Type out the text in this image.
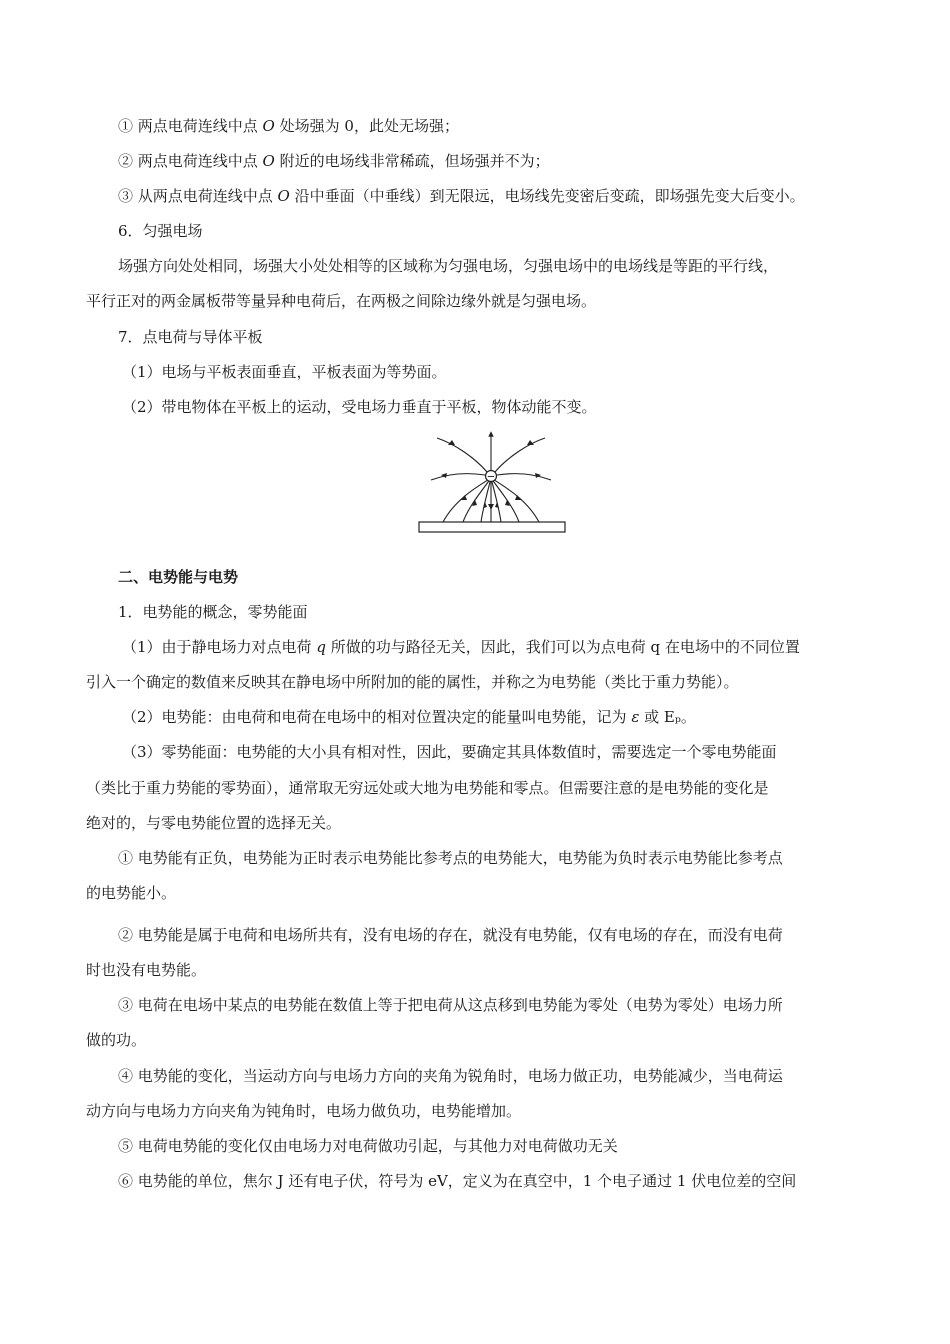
① 两点电荷连线中点 O 处场强为 0，此处无场强；
② 两点电荷连线中点 O 附近的电场线非常稀疏，但场强并不为；
③ 从两点电荷连线中点 O 沿中垂面（中垂线）到无限远，电场线先变密后变疏，即场强先变大后变小。
6．匀强电场
场强方向处处相同，场强大小处处相等的区域称为匀强电场，匀强电场中的电场线是等距的平行线，
平行正对的两金属板带等量异种电荷后，在两极之间除边缘外就是匀强电场。
7．点电荷与导体平板
（1）电场与平板表面垂直，平板表面为等势面。
（2）带电物体在平板上的运动，受电场力垂直于平板，物体动能不变。
−
二、电势能与电势
1．电势能的概念，零势能面
（1）由于静电场力对点电荷 q 所做的功与路径无关，因此，我们可以为点电荷 q 在电场中的不同位置
引入一个确定的数值来反映其在静电场中所附加的能的属性，并称之为电势能（类比于重力势能）。
（2）电势能：由电荷和电荷在电场中的相对位置决定的能量叫电势能，记为 ε 或 Eₚ。
（3）零势能面：电势能的大小具有相对性，因此，要确定其具体数值时，需要选定一个零电势能面
（类比于重力势能的零势面），通常取无穷远处或大地为电势能和零点。但需要注意的是电势能的变化是
绝对的，与零电势能位置的选择无关。
① 电势能有正负，电势能为正时表示电势能比参考点的电势能大，电势能为负时表示电势能比参考点
的电势能小。
② 电势能是属于电荷和电场所共有，没有电场的存在，就没有电势能，仅有电场的存在，而没有电荷
时也没有电势能。
③ 电荷在电场中某点的电势能在数值上等于把电荷从这点移到电势能为零处（电势为零处）电场力所
做的功。
④ 电势能的变化，当运动方向与电场力方向的夹角为锐角时，电场力做正功，电势能减少，当电荷运
动方向与电场力方向夹角为钝角时，电场力做负功，电势能增加。
⑤ 电荷电势能的变化仅由电场力对电荷做功引起，与其他力对电荷做功无关
⑥ 电势能的单位，焦尔 J 还有电子伏，符号为 eV，定义为在真空中，1 个电子通过 1 伏电位差的空间
